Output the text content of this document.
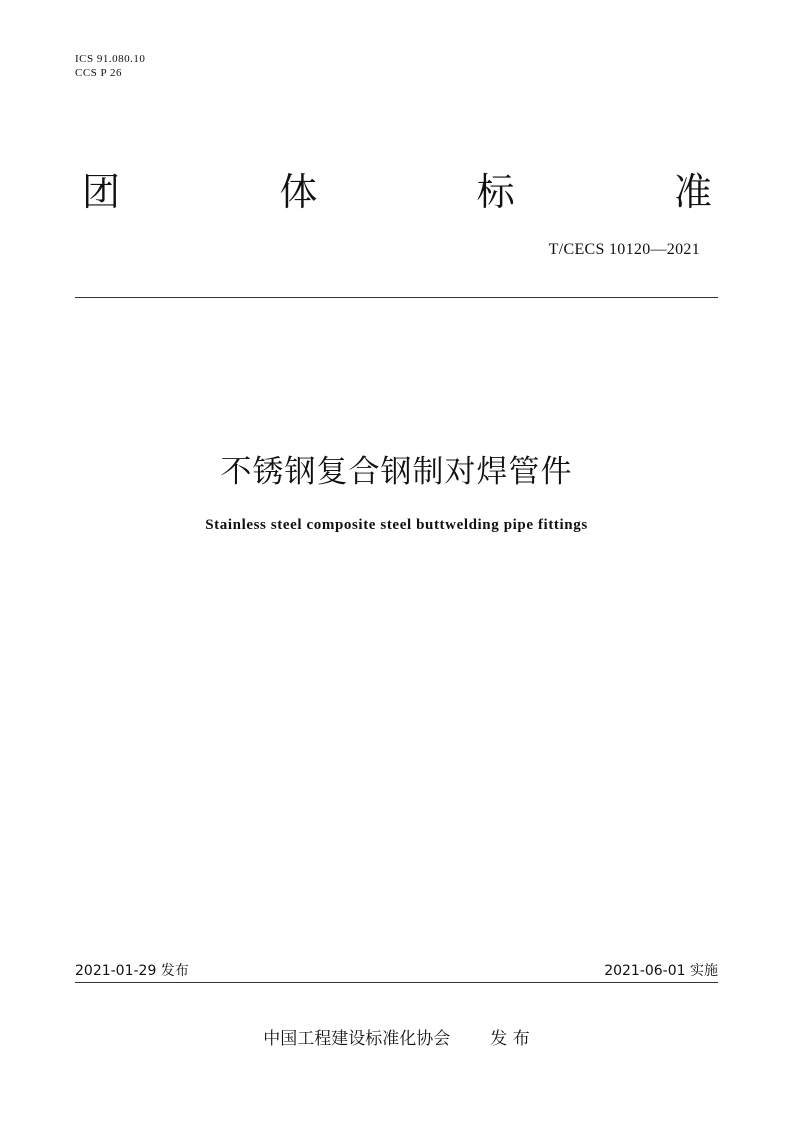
ICS 91.080.10
CCS P 26
团	体	标	准
T/CECS 10120—2021
不锈钢复合钢制对焊管件
Stainless steel composite steel buttwelding pipe fittings
2021-01-29 发布	2021-06-01 实施
中国工程建设标准化协会 发 布
